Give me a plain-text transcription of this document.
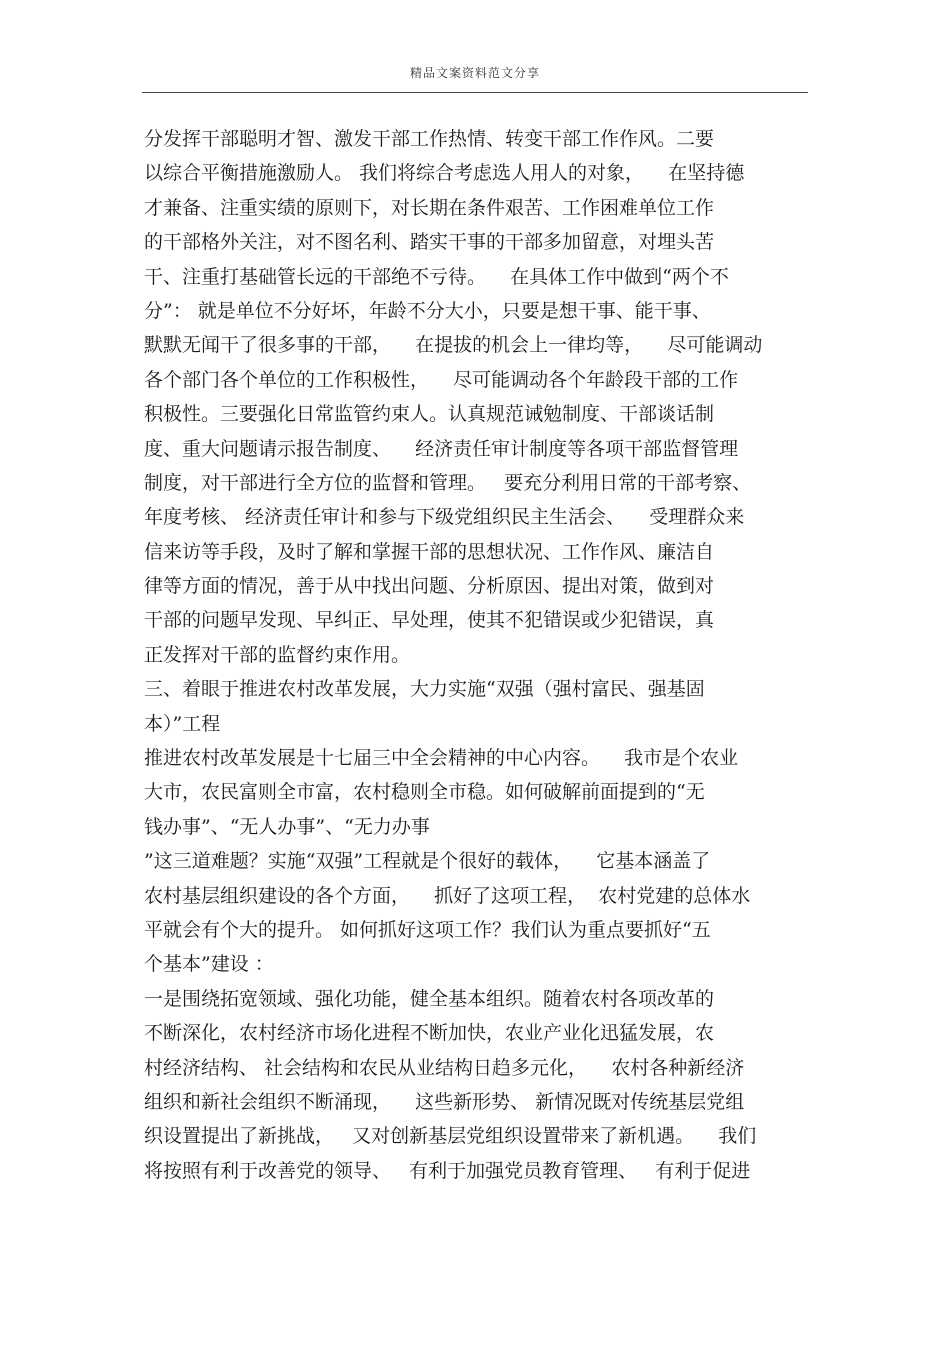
精品文案资料范文分享
分发挥干部聪明才智、激发干部工作热情、转变干部工作作风。二要
以综合平衡措施激励人。 我们将综合考虑选人用人的对象，    在坚持德
才兼备、注重实绩的原则下，对长期在条件艰苦、工作困难单位工作
的干部格外关注，对不图名利、踏实干事的干部多加留意，对埋头苦
干、注重打基础管长远的干部绝不亏待。    在具体工作中做到“两个不
分”： 就是单位不分好坏，年龄不分大小，只要是想干事、能干事、
默默无闻干了很多事的干部，    在提拔的机会上一律均等，    尽可能调动
各个部门各个单位的工作积极性，    尽可能调动各个年龄段干部的工作
积极性。三要强化日常监管约束人。认真规范诫勉制度、干部谈话制
度、重大问题请示报告制度、    经济责任审计制度等各项干部监督管理
制度，对干部进行全方位的监督和管理。   要充分利用日常的干部考察、
年度考核、 经济责任审计和参与下级党组织民主生活会、    受理群众来
信来访等手段，及时了解和掌握干部的思想状况、工作作风、廉洁自
律等方面的情况，善于从中找出问题、分析原因、提出对策，做到对
干部的问题早发现、早纠正、早处理，使其不犯错误或少犯错误，真
正发挥对干部的监督约束作用。
三、着眼于推进农村改革发展，大力实施“双强（强村富民、强基固
本）”工程
推进农村改革发展是十七届三中全会精神的中心内容。    我市是个农业
大市，农民富则全市富，农村稳则全市稳。如何破解前面提到的“无
钱办事”、“无人办事”、“无力办事
”这三道难题？实施“双强”工程就是个很好的载体，    它基本涵盖了
农村基层组织建设的各个方面，    抓好了这项工程，  农村党建的总体水
平就会有个大的提升。 如何抓好这项工作？我们认为重点要抓好“五
个基本”建设 ：
一是围绕拓宽领域、强化功能，健全基本组织。随着农村各项改革的
不断深化，农村经济市场化进程不断加快，农业产业化迅猛发展，农
村经济结构、 社会结构和农民从业结构日趋多元化，    农村各种新经济
组织和新社会组织不断涌现，    这些新形势、 新情况既对传统基层党组
织设置提出了新挑战，   又对创新基层党组织设置带来了新机遇。    我们
将按照有利于改善党的领导、   有利于加强党员教育管理、   有利于促进
